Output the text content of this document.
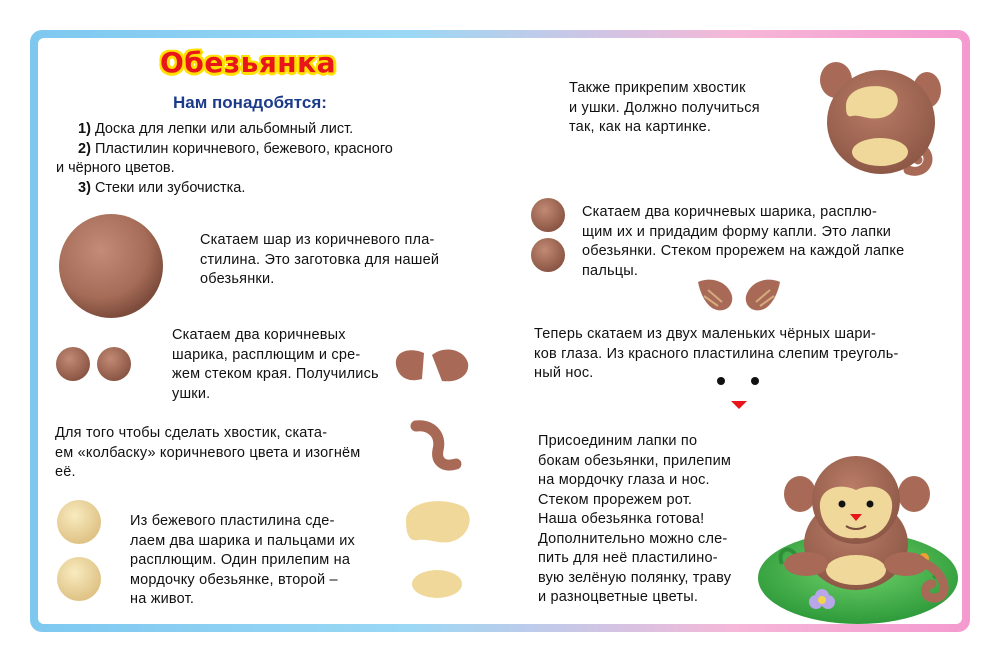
Обезьянка
Нам понадобятся:
1) Доска для лепки или альбомный лист.
2) Пластилин коричневого, бежевого, красного
и чёрного цветов.
3) Стеки или зубочистка.
Скатаем шар из коричневого пла-
стилина. Это заготовка для нашей
обезьянки.
Скатаем два коричневых
шарика, расплющим и сре-
жем стеком края. Получились
ушки.
Для того чтобы сделать хвостик, ската-
ем «колбаску» коричневого цвета и изогнём
её.
Из бежевого пластилина сде-
лаем два шарика и пальцами их
расплющим. Один прилепим на
мордочку обезьянке, второй –
на живот.
Также прикрепим хвостик
и ушки. Должно получиться
так, как на картинке.
Скатаем два коричневых шарика, расплю-
щим их и придадим форму капли. Это лапки
обезьянки. Стеком прорежем на каждой лапке
пальцы.
Теперь скатаем из двух маленьких чёрных шари-
ков глаза. Из красного пластилина слепим треуголь-
ный нос.
Присоединим лапки по
бокам обезьянки, прилепим
на мордочку глаза и нос.
Стеком прорежем рот.
Наша обезьянка готова!
Дополнительно можно сле-
пить для неё пластилино-
вую зелёную полянку, траву
и разноцветные цветы.
